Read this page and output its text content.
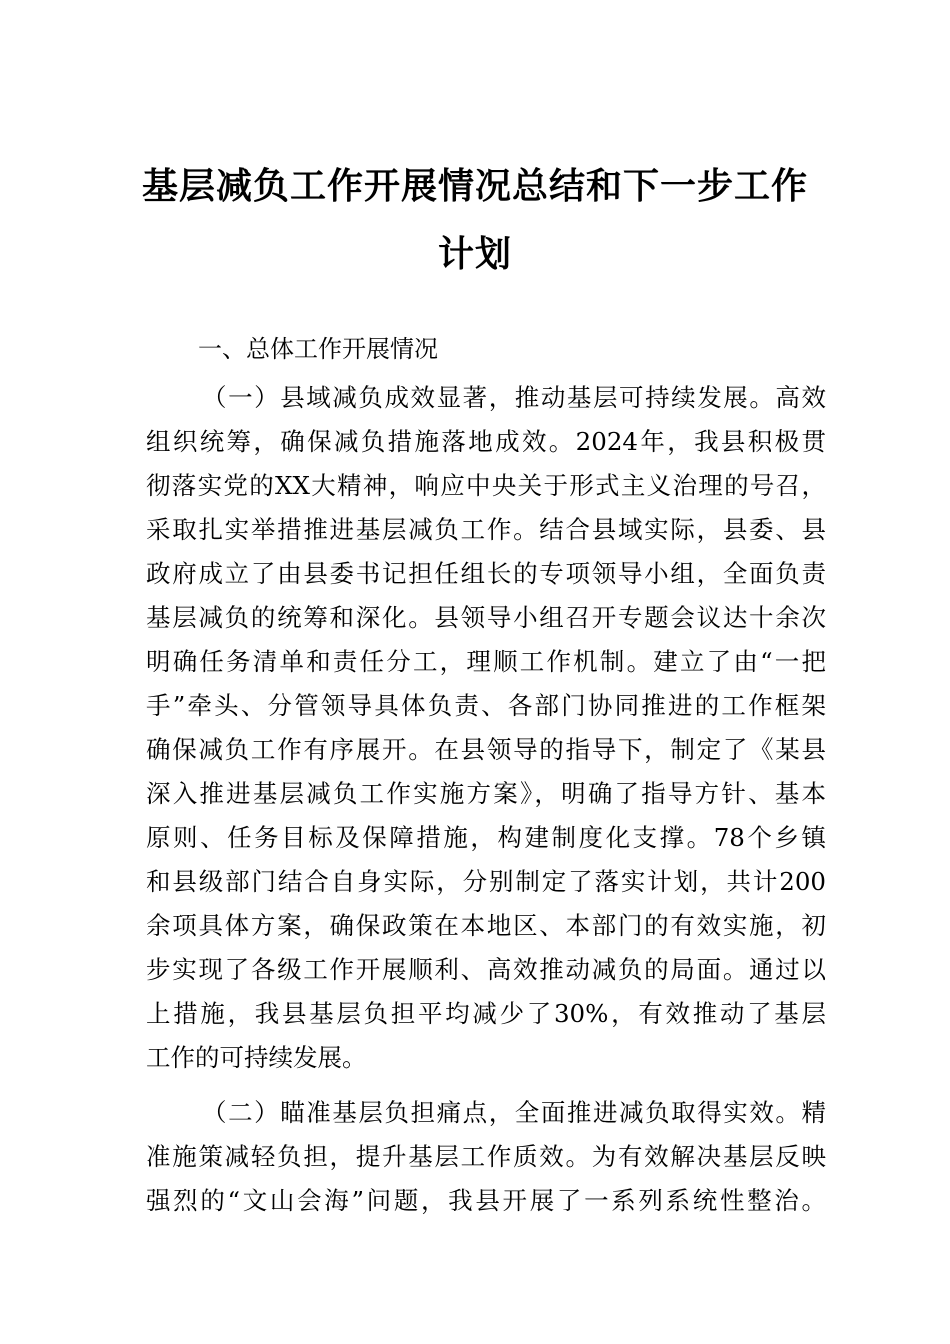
基层减负工作开展情况总结和下一步工作
计划
一、总体工作开展情况
（一）县域减负成效显著，推动基层可持续发展。高效
组织统筹，确保减负措施落地成效。2024年，我县积极贯
彻落实党的XX大精神，响应中央关于形式主义治理的号召，
采取扎实举措推进基层减负工作。结合县域实际，县委、县
政府成立了由县委书记担任组长的专项领导小组，全面负责
基层减负的统筹和深化。县领导小组召开专题会议达十余次
明确任务清单和责任分工，理顺工作机制。建立了由“一把
手”牵头、分管领导具体负责、各部门协同推进的工作框架
确保减负工作有序展开。在县领导的指导下，制定了《某县
深入推进基层减负工作实施方案》，明确了指导方针、基本
原则、任务目标及保障措施，构建制度化支撑。78个乡镇
和县级部门结合自身实际，分别制定了落实计划，共计200
余项具体方案，确保政策在本地区、本部门的有效实施，初
步实现了各级工作开展顺利、高效推动减负的局面。通过以
上措施，我县基层负担平均减少了30%，有效推动了基层
工作的可持续发展。
（二）瞄准基层负担痛点，全面推进减负取得实效。精
准施策减轻负担，提升基层工作质效。为有效解决基层反映
强烈的“文山会海”问题，我县开展了一系列系统性整治。
